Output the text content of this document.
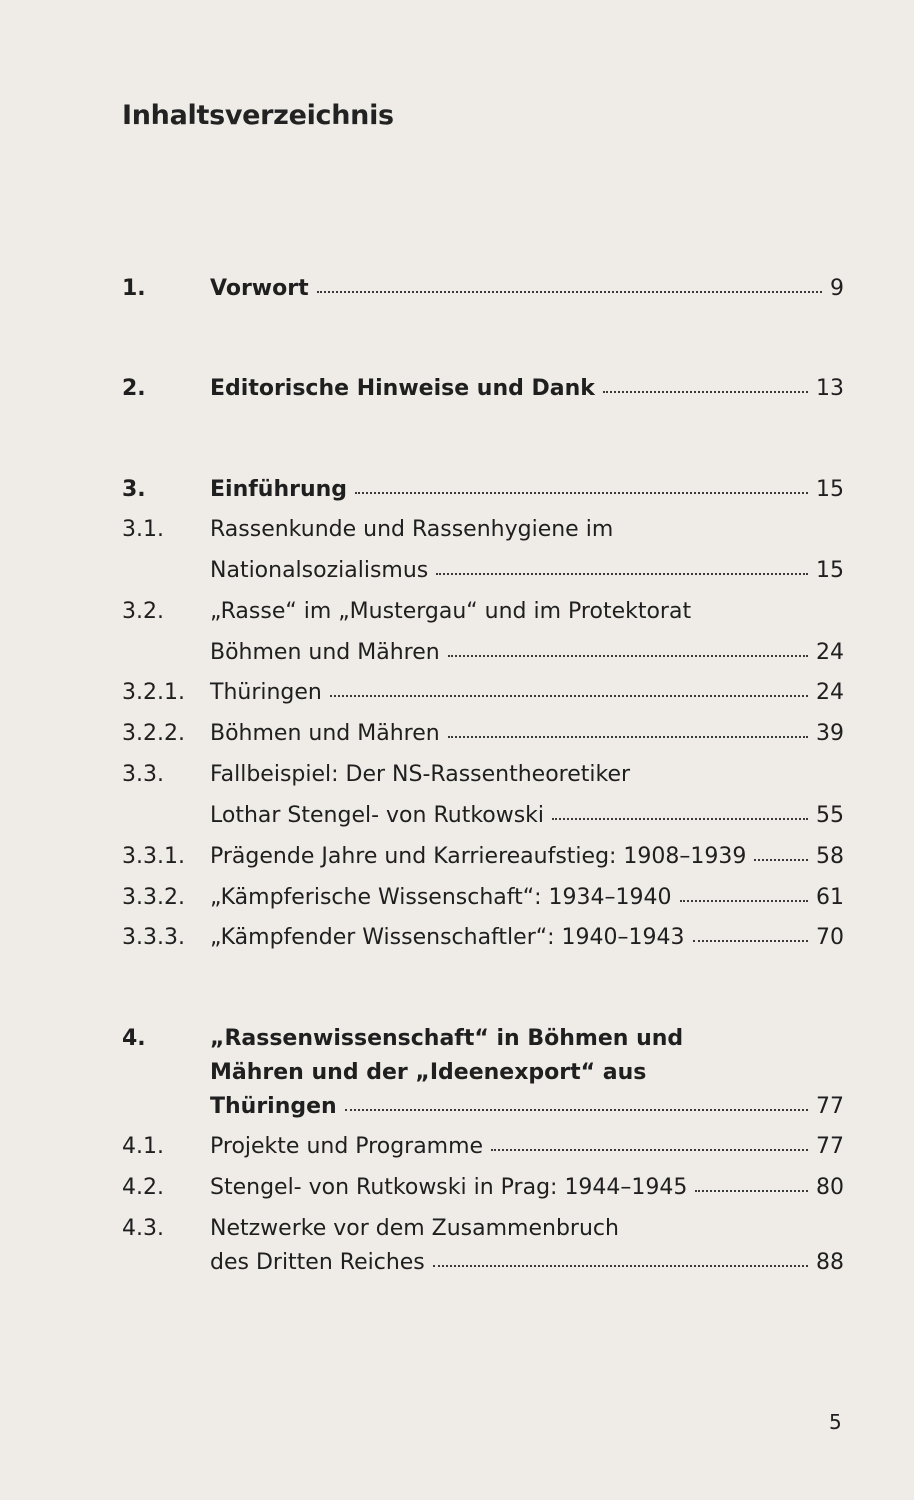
Inhaltsverzeichnis
1.	Vorwort	9
2.	Editorische Hinweise und Dank	13
3.	Einführung	15
3.1. Rassenkunde und Rassenhygiene im
Nationalsozialismus	15
3.2. „Rasse“ im „Mustergau“ und im Protektorat
Böhmen und Mähren	24
3.2.1. Thüringen	24
3.2.2. Böhmen und Mähren	39
3.3. Fallbeispiel: Der NS-Rassentheoretiker
Lothar Stengel- von Rutkowski	55
3.3.1. Prägende Jahre und Karriereaufstieg: 1908–1939	58
3.3.2. „Kämpferische Wissenschaft“: 1934–1940	61
3.3.3. „Kämpfender Wissenschaftler“: 1940–1943	70
4.	„Rassenwissenschaft“ in Böhmen und
Mähren und der „Ideenexport“ aus
Thüringen	77
4.1. Projekte und Programme	77
4.2. Stengel- von Rutkowski in Prag: 1944–1945	80
4.3. Netzwerke vor dem Zusammenbruch
des Dritten Reiches	88
5
